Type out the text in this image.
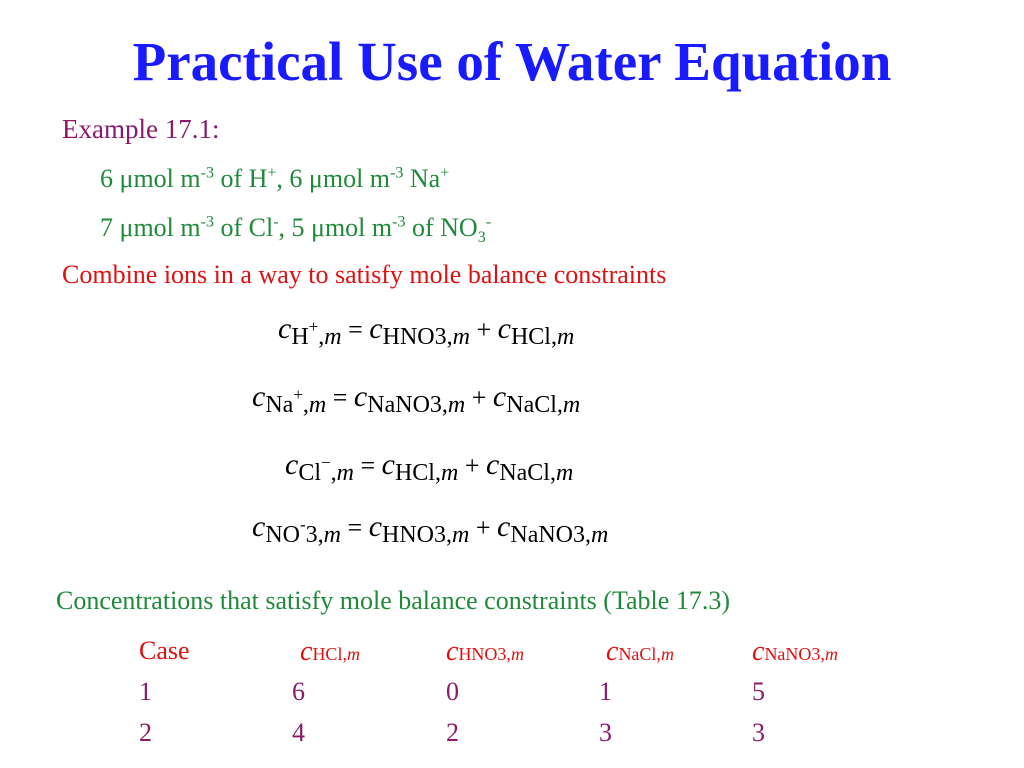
Practical Use of Water Equation
Example 17.1:
6 μmol $m^{-3}$ of H+, 6 μmol $m^{-3}$ Na+
7 μmol $m^{-3}$ of Cl-, 5 μmol $m^{-3}$ of $NO_3^-$
Combine ions in a way to satisfy mole balance constraints
cH+,m = cHNO3,m + cHCl,m
cNa+,m = cNaNO3,m + cNaCl,m
cCl−,m = cHCl,m + cNaCl,m
cNO-3,m = cHNO3,m + cNaNO3,m
Concentrations that satisfy mole balance constraints (Table 17.3)
Case	cHCl,m	cHNO3,m	cNaCl,m	cNaNO3,m
1	6	0	1	5
2	4	2	3	3
